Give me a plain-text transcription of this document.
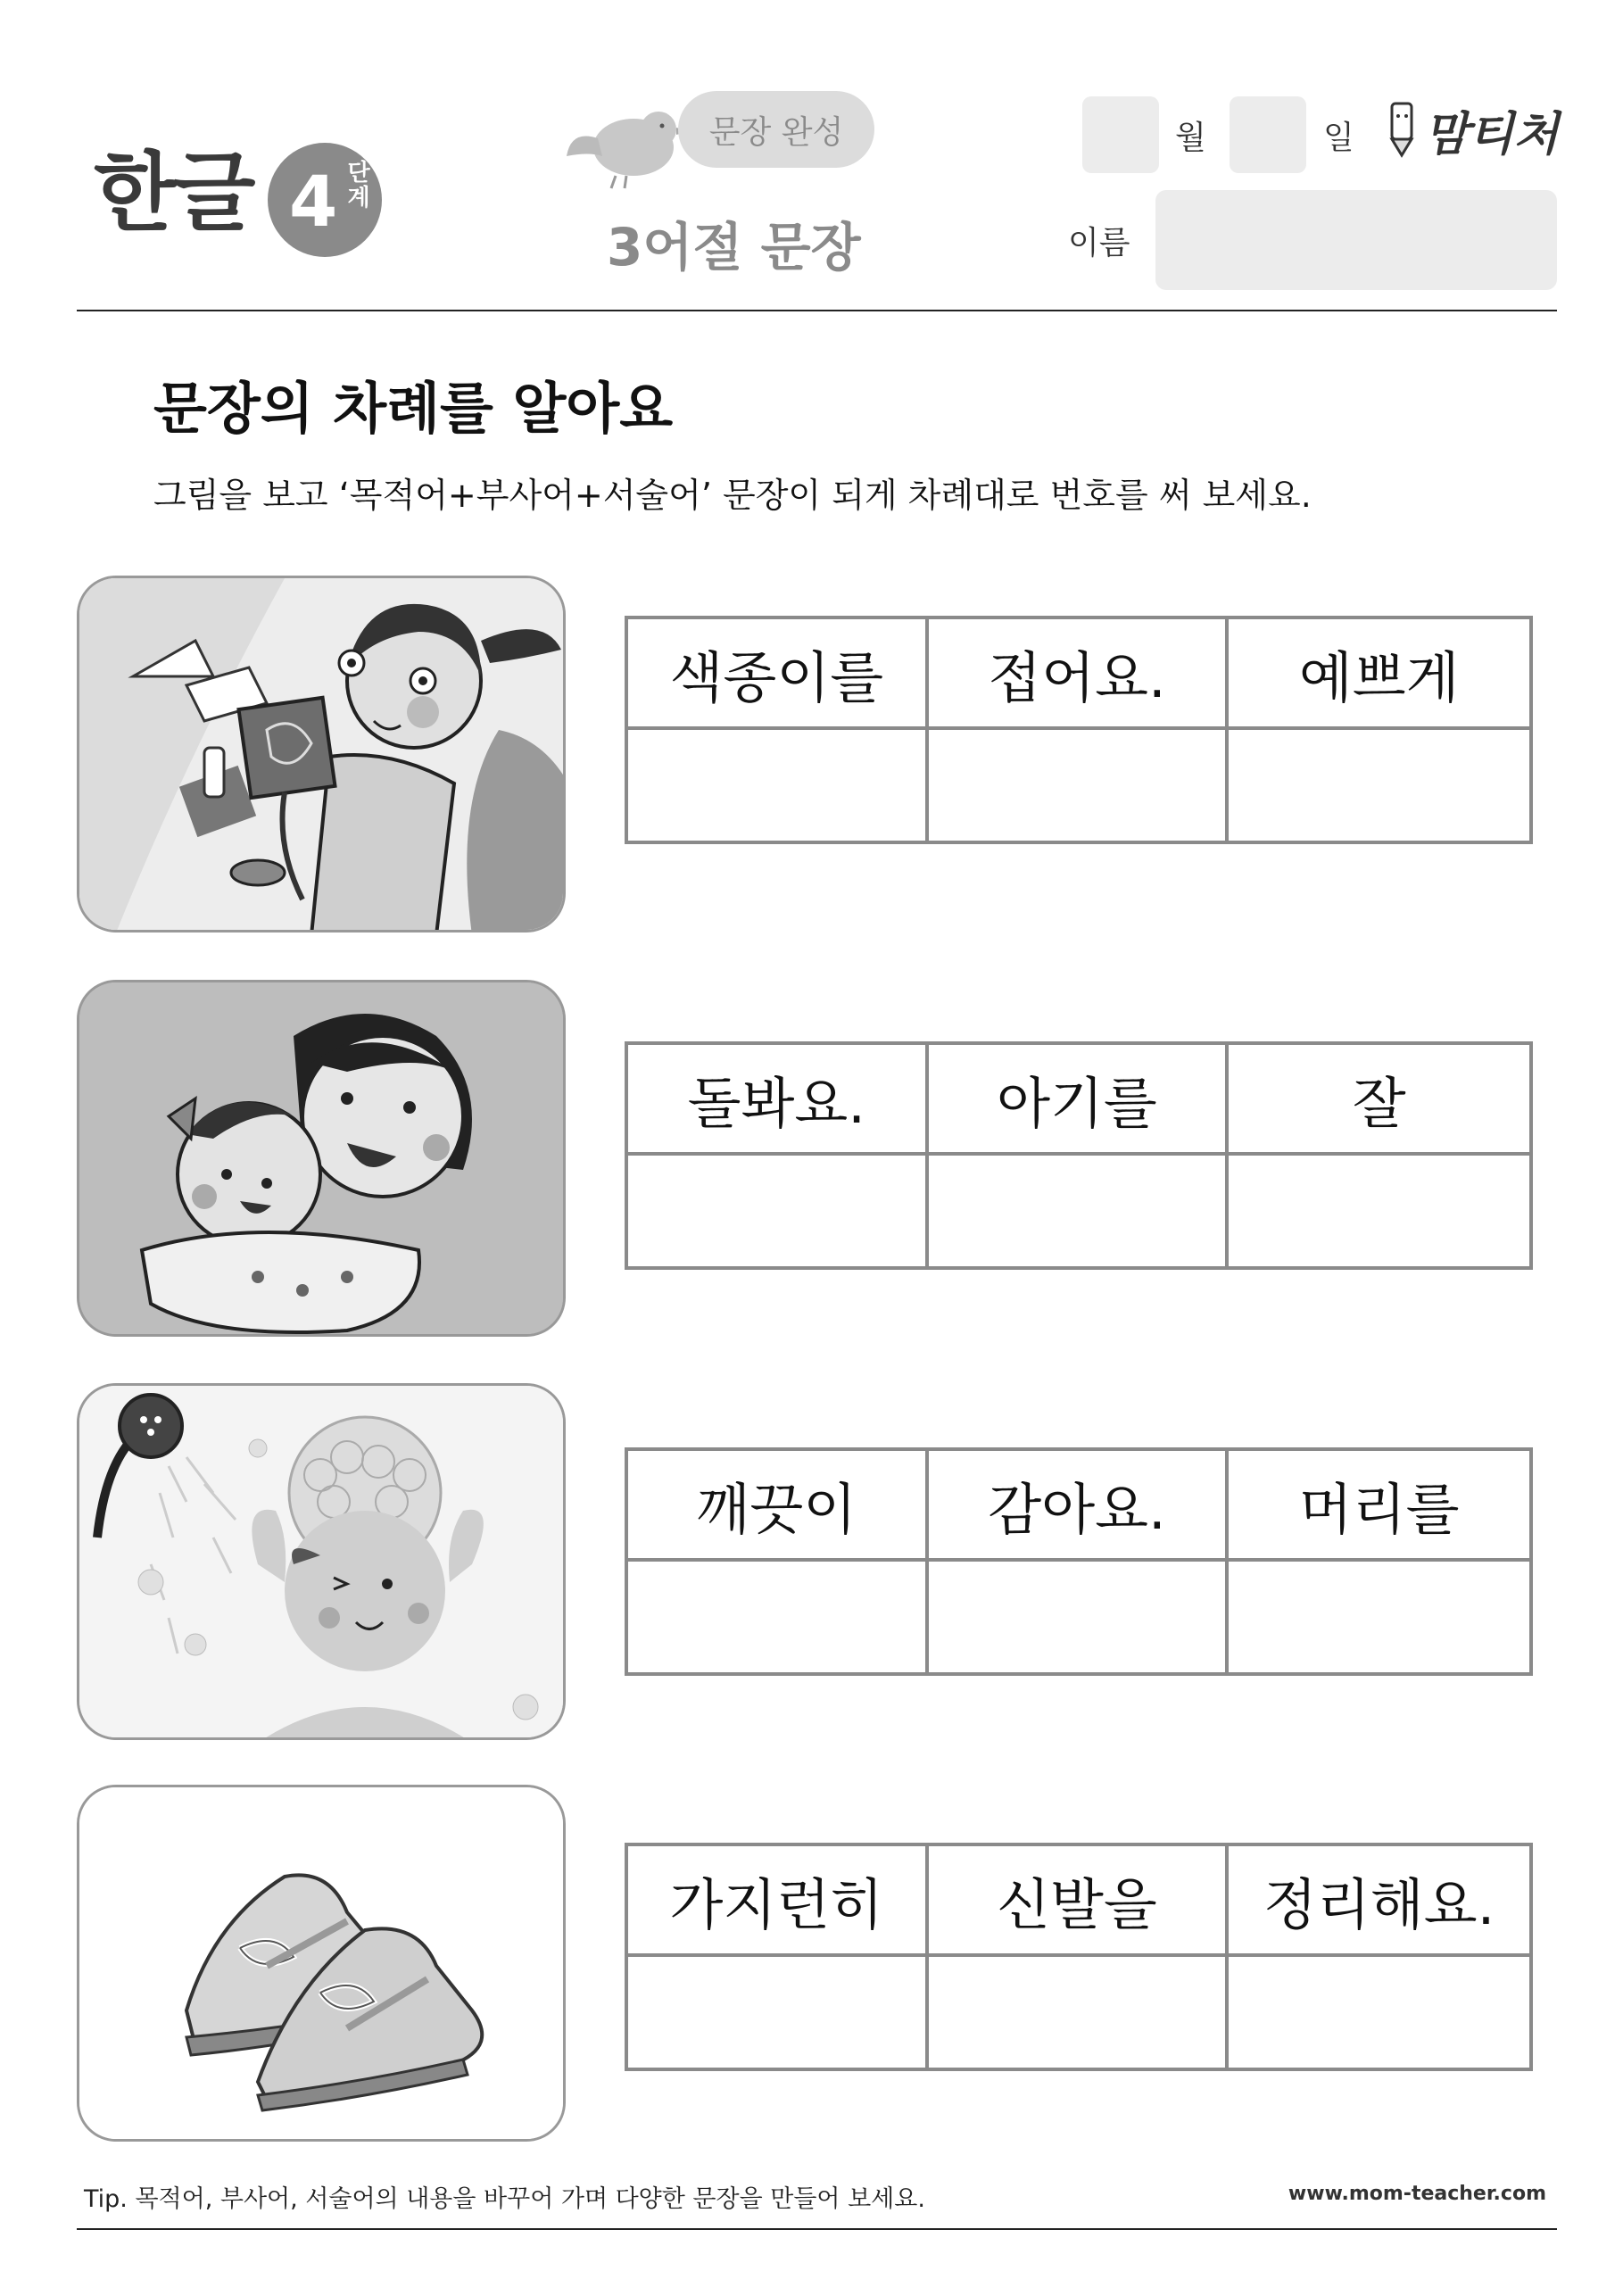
한글 4 단계
문장 완성
3어절 문장
월	일 맘티처
이름
문장의 차례를 알아요
그림을 보고 ‘목적어+부사어+서술어’ 문장이 되게 차례대로 번호를 써 보세요.
색종이를	접어요.	예쁘게
돌봐요.	아기를	잘
깨끗이	감아요.	머리를
가지런히	신발을	정리해요.
Tip. 목적어, 부사어, 서술어의 내용을 바꾸어 가며 다양한 문장을 만들어 보세요.	www.mom-teacher.com
